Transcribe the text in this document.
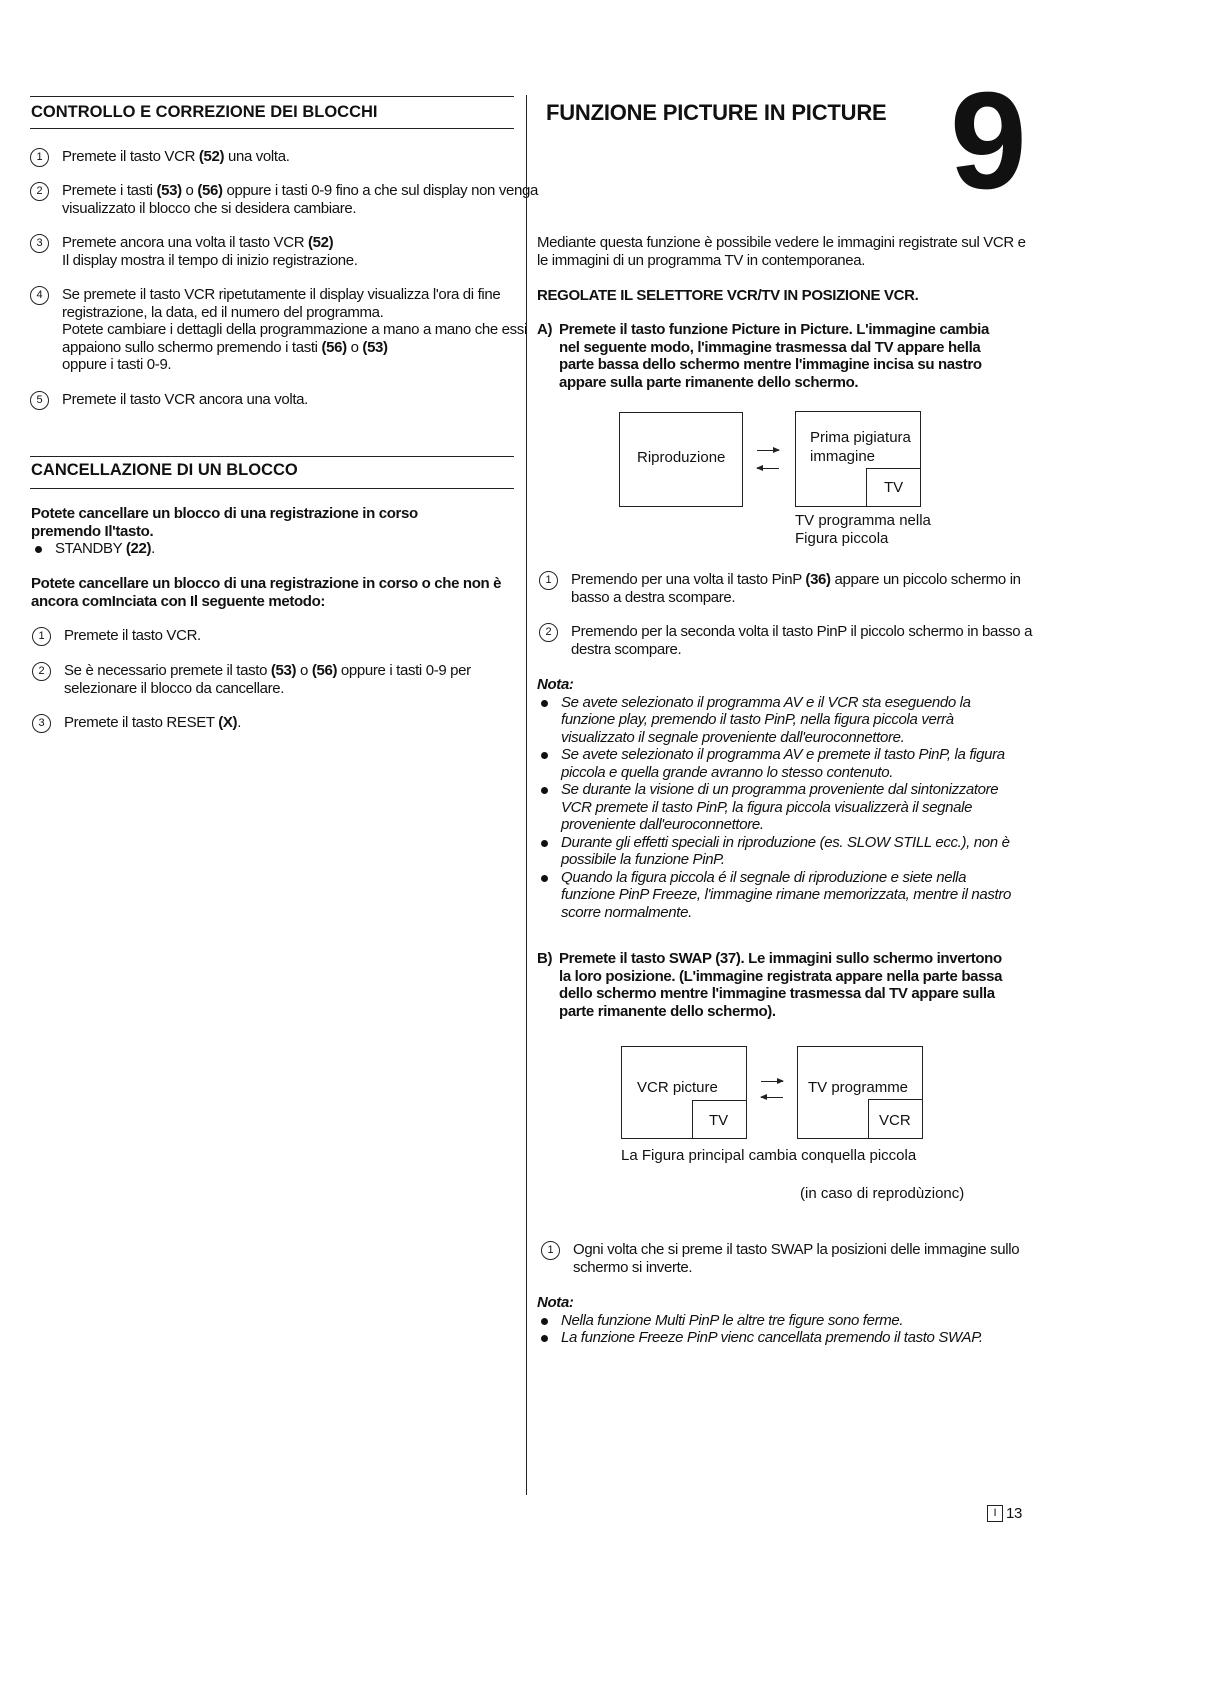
CONTROLLO E CORREZIONE DEI BLOCCHI
1	Premete il tasto VCR (52) una volta.
2	Premete i tasti (53) o (56) oppure i tasti 0-9 fino a che sul display non venga visualizzato il blocco che si desidera cambiare.
3	Premete ancora una volta il tasto VCR (52)
Il display mostra il tempo di inizio registrazione.
4	Se premete il tasto VCR ripetutamente il display visualizza l'ora di fine registrazione, la data, ed il numero del programma.
Potete cambiare i dettagli della programmazione a mano a mano che essi appaiono sullo schermo premendo i tasti (56) o (53)
oppure i tasti 0-9.
5	Premete il tasto VCR ancora una volta.
CANCELLAZIONE DI UN BLOCCO

Potete cancellare un blocco di una registrazione in corso premendo Il'tasto.

STANDBY (22).
Potete cancellare un blocco di una registrazione in corso o che non è ancora comInciata con Il seguente metodo:
1	Premete il tasto VCR.
2	Se è necessario premete il tasto (53) o (56) oppure i tasti 0-9 per selezionare il blocco da cancellare.
3	Premete il tasto RESET (X).
FUNZIONE PICTURE IN PICTURE 9
Mediante questa funzione è possibile vedere le immagini registrate sul VCR e le immagini di un programma TV in contemporanea.
REGOLATE IL SELETTORE VCR/TV IN POSIZIONE VCR.
A) Premete il tasto funzione Picture in Picture. L'immagine cambia nel seguente modo, l'immagine trasmessa dal TV appare hella parte bassa dello schermo mentre l'immagine incisa su nastro appare sulla parte rimanente dello schermo.
Riproduzione
Prima pigiatura
immagine
TV
TV programma nella
Figura piccola
1	Premendo per una volta il tasto PinP (36) appare un piccolo schermo in basso a destra scompare.
2	Premendo per la seconda volta il tasto PinP il piccolo schermo in basso a destra scompare.

Nota:

Se avete selezionato il programma AV e il VCR sta eseguendo la funzione play, premendo il tasto PinP, nella figura piccola verrà visualizzato il segnale proveniente dall'euroconnettore.
Se avete selezionato il programma AV e premete il tasto PinP, la figura piccola e quella grande avranno lo stesso contenuto.
Se durante la visione di un programma proveniente dal sintonizzatore VCR premete il tasto PinP, la figura piccola visualizzerà il segnale proveniente dall'euroconnettore.
Durante gli effetti speciali in riproduzione (es. SLOW STILL ecc.), non è possibile la funzione PinP.
Quando la figura piccola é il segnale di riproduzione e siete nella funzione PinP Freeze, l'immagine rimane memorizzata, mentre il nastro scorre normalmente.
B) Premete il tasto SWAP (37). Le immagini sullo schermo invertono la loro posizione. (L'immagine registrata appare nella parte bassa dello schermo mentre l'immagine trasmessa dal TV appare sulla parte rimanente dello schermo).
VCR picture
TV
TV programme
VCR
La Figura principal cambia conquella piccola
(in caso di reprodùzionc)
1	Ogni volta che si preme il tasto SWAP la posizioni delle immagine sullo schermo si inverte.

Nota:

Nella funzione Multi PinP le altre tre figure sono ferme.
La funzione Freeze PinP vienc cancellata premendo il tasto SWAP.
I 13
